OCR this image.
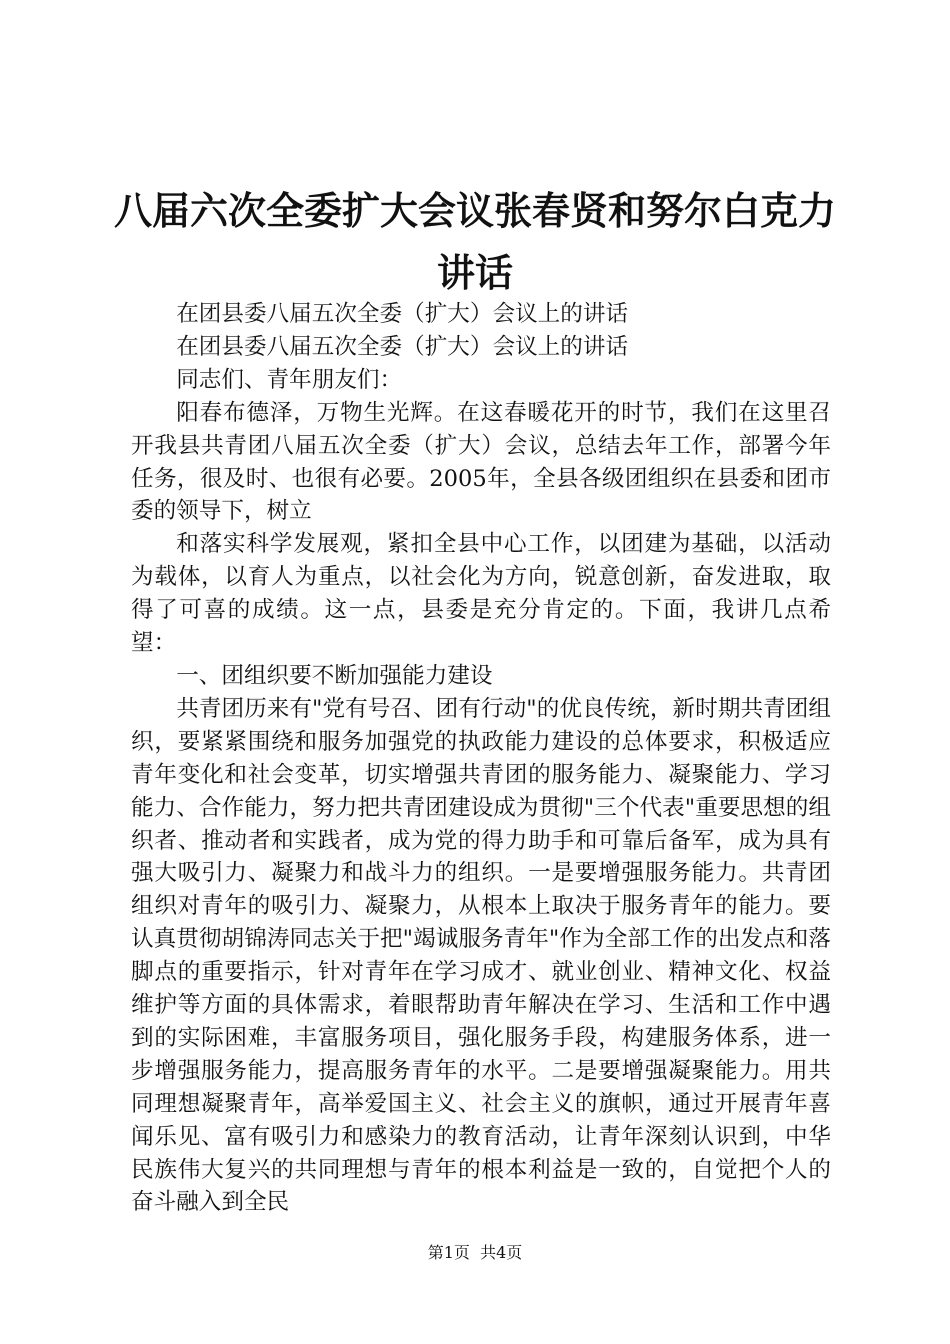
八届六次全委扩大会议张春贤和努尔白克力讲话

在团县委八届五次全委（扩大）会议上的讲话

在团县委八届五次全委（扩大）会议上的讲话

同志们、青年朋友们：

阳春布德泽，万物生光辉。在这春暖花开的时节，我们在这里召开我县共青团八届五次全委（扩大）会议，总结去年工作，部署今年任务，很及时、也很有必要。2005年，全县各级团组织在县委和团市委的领导下，树立

和落实科学发展观，紧扣全县中心工作，以团建为基础，以活动为载体，以育人为重点，以社会化为方向，锐意创新，奋发进取，取得了可喜的成绩。这一点，县委是充分肯定的。下面，我讲几点希望：

一、团组织要不断加强能力建设

共青团历来有"党有号召、团有行动"的优良传统，新时期共青团组织，要紧紧围绕和服务加强党的执政能力建设的总体要求，积极适应青年变化和社会变革，切实增强共青团的服务能力、凝聚能力、学习能力、合作能力，努力把共青团建设成为贯彻"三个代表"重要思想的组织者、推动者和实践者，成为党的得力助手和可靠后备军，成为具有强大吸引力、凝聚力和战斗力的组织。一是要增强服务能力。共青团组织对青年的吸引力、凝聚力，从根本上取决于服务青年的能力。要认真贯彻胡锦涛同志关于把"竭诚服务青年"作为全部工作的出发点和落脚点的重要指示，针对青年在学习成才、就业创业、精神文化、权益维护等方面的具体需求，着眼帮助青年解决在学习、生活和工作中遇到的实际困难，丰富服务项目，强化服务手段，构建服务体系，进一步增强服务能力，提高服务青年的水平。二是要增强凝聚能力。用共同理想凝聚青年，高举爱国主义、社会主义的旗帜，通过开展青年喜闻乐见、富有吸引力和感染力的教育活动，让青年深刻认识到，中华民族伟大复兴的共同理想与青年的根本利益是一致的，自觉把个人的奋斗融入到全民

第1页 共4页
